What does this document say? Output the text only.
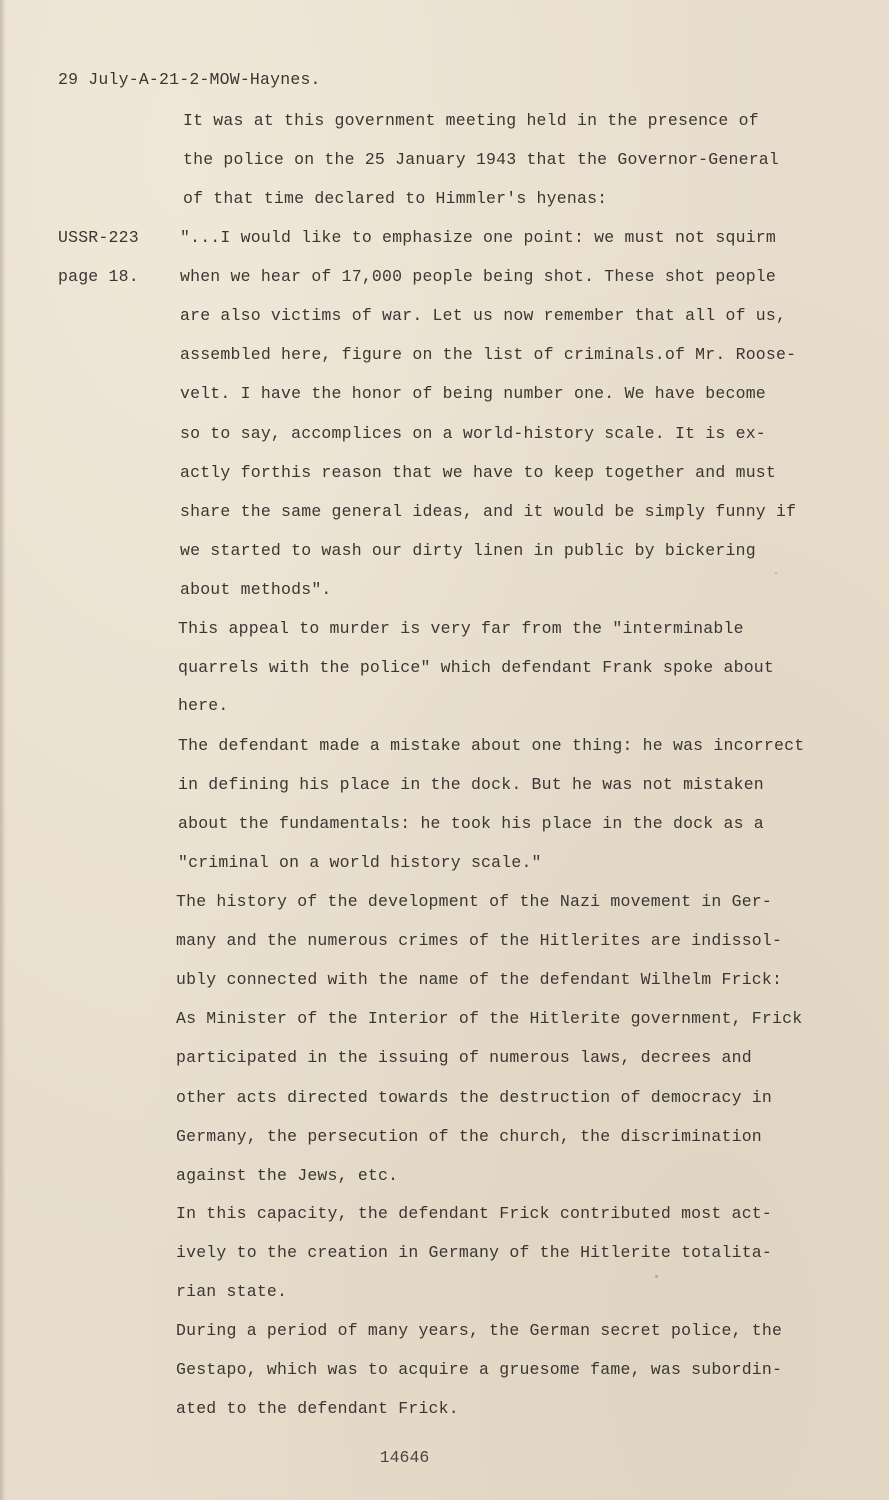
29 July-A-21-2-MOW-Haynes.
USSR-223
page 18.
It was at this government meeting held in the presence of
the police on the 25 January 1943 that the Governor-General
of that time declared to Himmler's hyenas:
"...I would like to emphasize one point: we must not squirm
when we hear of 17,000 people being shot. These shot people
are also victims of war. Let us now remember that all of us,
assembled here, figure on the list of criminals.of Mr. Roose-
velt. I have the honor of being number one. We have become
so to say, accomplices on a world-history scale. It is ex-
actly forthis reason that we have to keep together and must
share the same general ideas, and it would be simply funny if
we started to wash our dirty linen in public by bickering
about methods".
This appeal to murder is very far from the "interminable
quarrels with the police" which defendant Frank spoke about
here.
The defendant made a mistake about one thing: he was incorrect
in defining his place in the dock. But he was not mistaken
about the fundamentals: he took his place in the dock as a
"criminal on a world history scale."
The history of the development of the Nazi movement in Ger-
many and the numerous crimes of the Hitlerites are indissol-
ubly connected with the name of the defendant Wilhelm Frick:
As Minister of the Interior of the Hitlerite government, Frick
participated in the issuing of numerous laws, decrees and
other acts directed towards the destruction of democracy in
Germany, the persecution of the church, the discrimination
against the Jews, etc.
In this capacity, the defendant Frick contributed most act-
ively to the creation in Germany of the Hitlerite totalita-
rian state.
During a period of many years, the German secret police, the
Gestapo, which was to acquire a gruesome fame, was subordin-
ated to the defendant Frick.
14646
